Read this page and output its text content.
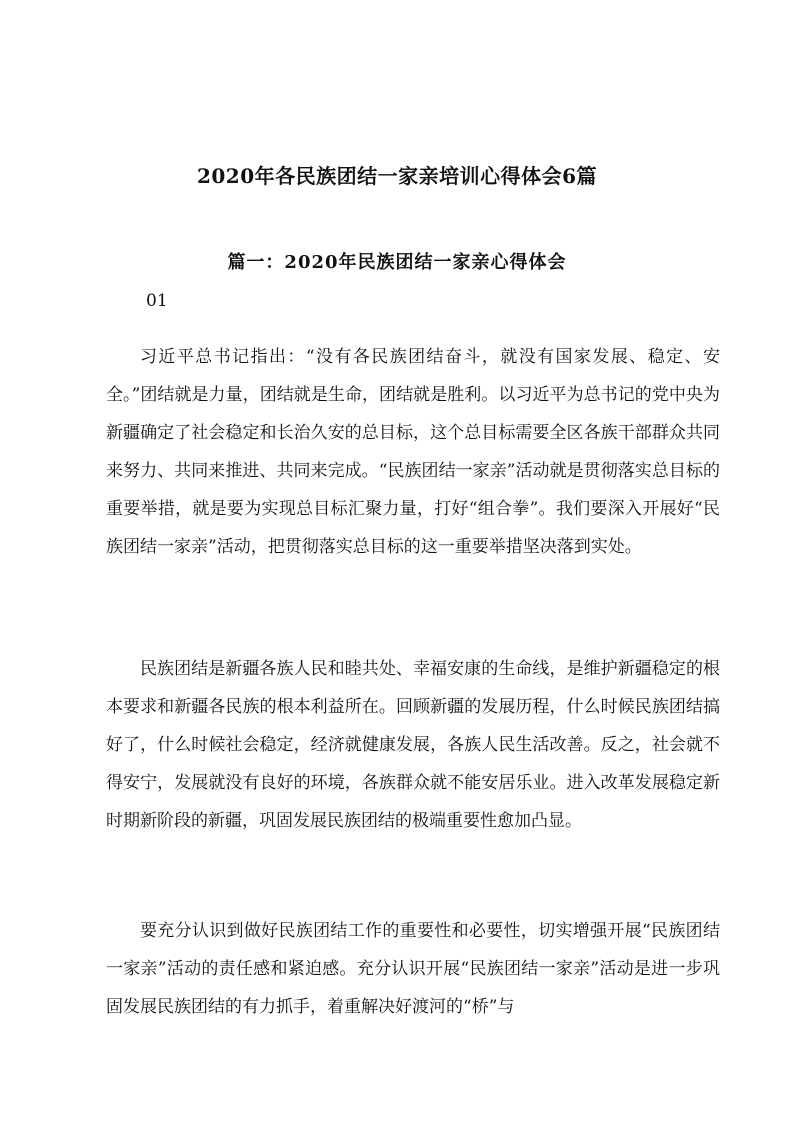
2020年各民族团结一家亲培训心得体会6篇
篇一：2020年民族团结一家亲心得体会

01

习近平总书记指出：“没有各民族团结奋斗，就没有国家发展、稳定、安全。”团结就是力量，团结就是生命，团结就是胜利。以习近平为总书记的党中央为新疆确定了社会稳定和长治久安的总目标，这个总目标需要全区各族干部群众共同来努力、共同来推进、共同来完成。“民族团结一家亲”活动就是贯彻落实总目标的重要举措，就是要为实现总目标汇聚力量，打好“组合拳”。我们要深入开展好“民族团结一家亲”活动，把贯彻落实总目标的这一重要举措坚决落到实处。

民族团结是新疆各族人民和睦共处、幸福安康的生命线，是维护新疆稳定的根本要求和新疆各民族的根本利益所在。回顾新疆的发展历程，什么时候民族团结搞好了，什么时候社会稳定，经济就健康发展，各族人民生活改善。反之，社会就不得安宁，发展就没有良好的环境，各族群众就不能安居乐业。进入改革发展稳定新时期新阶段的新疆，巩固发展民族团结的极端重要性愈加凸显。

要充分认识到做好民族团结工作的重要性和必要性，切实增强开展“民族团结一家亲”活动的责任感和紧迫感。充分认识开展“民族团结一家亲”活动是进一步巩固发展民族团结的有力抓手，着重解决好渡河的“桥”与
